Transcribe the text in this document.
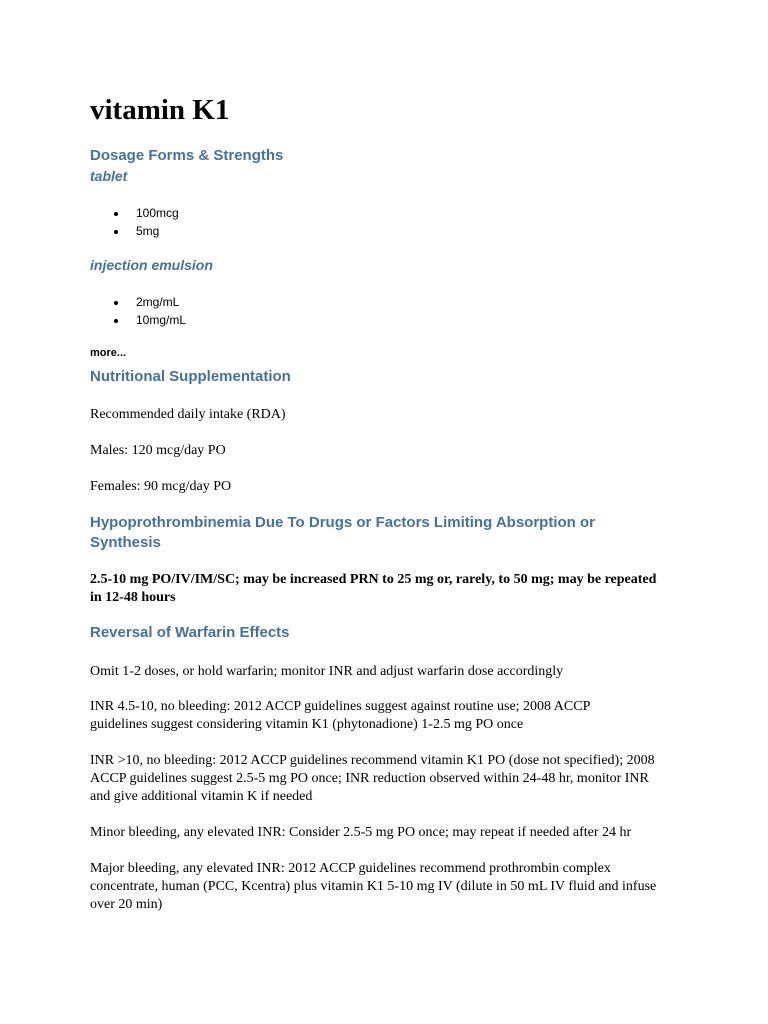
vitamin K1
Dosage Forms & Strengths
tablet
100mcg
5mg
injection emulsion
2mg/mL
10mg/mL

more...

Nutritional Supplementation

Recommended daily intake (RDA)

Males: 120 mcg/day PO

Females: 90 mcg/day PO

Hypoprothrombinemia Due To Drugs or Factors Limiting Absorption or Synthesis

2.5-10 mg PO/IV/IM/SC; may be increased PRN to 25 mg or, rarely, to 50 mg; may be repeated in 12-48 hours

Reversal of Warfarin Effects

Omit 1-2 doses, or hold warfarin; monitor INR and adjust warfarin dose accordingly

INR 4.5-10, no bleeding: 2012 ACCP guidelines suggest against routine use; 2008 ACCP guidelines suggest considering vitamin K1 (phytonadione) 1-2.5 mg PO once

INR >10, no bleeding: 2012 ACCP guidelines recommend vitamin K1 PO (dose not specified); 2008 ACCP guidelines suggest 2.5-5 mg PO once; INR reduction observed within 24-48 hr, monitor INR and give additional vitamin K if needed

Minor bleeding, any elevated INR: Consider 2.5-5 mg PO once; may repeat if needed after 24 hr

Major bleeding, any elevated INR: 2012 ACCP guidelines recommend prothrombin complex concentrate, human (PCC, Kcentra) plus vitamin K1 5-10 mg IV (dilute in 50 mL IV fluid and infuse over 20 min)
